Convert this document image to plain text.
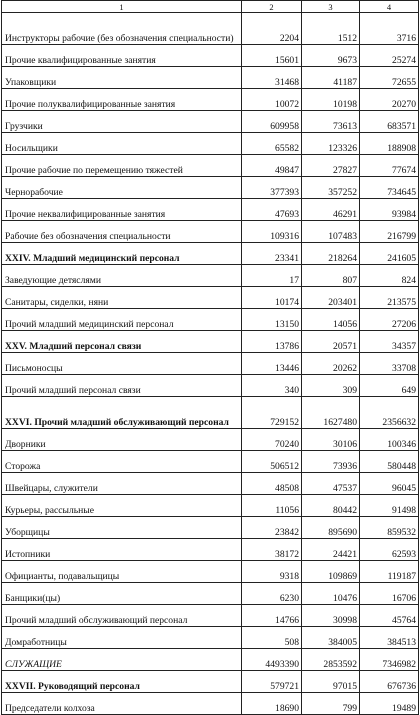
1	2	3	4
Инструкторы рабочие (без обозначения специальности)	2204	1512	3716
Прочие квалифицированные занятия	15601	9673	25274
Упаковщики	31468	41187	72655
Прочие полуквалифицированные занятия	10072	10198	20270
Грузчики	609958	73613	683571
Носильщики	65582	123326	188908
Прочие рабочие по перемещению тяжестей	49847	27827	77674
Чернорабочие	377393	357252	734645
Прочие неквалифицированные занятия	47693	46291	93984
Рабочие без обозначения специальности	109316	107483	216799
XXIV. Младший медицинский персонал	23341	218264	241605
Заведующие детяслями	17	807	824
Санитары, сиделки, няни	10174	203401	213575
Прочий младший медицинский персонал	13150	14056	27206
XXV. Младший персонал связи	13786	20571	34357
Письмоносцы	13446	20262	33708
Прочий младший персонал связи	340	309	649
XXVI. Прочий младший обслуживающий персонал	729152	1627480	2356632
Дворники	70240	30106	100346
Сторожа	506512	73936	580448
Швейцары, служители	48508	47537	96045
Курьеры, рассыльные	11056	80442	91498
Уборщицы	23842	895690	859532
Истопники	38172	24421	62593
Официанты, подавальщицы	9318	109869	119187
Банщики(цы)	6230	10476	16706
Прочий младший обслуживающий персонал	14766	30998	45764
Домработницы	508	384005	384513
СЛУЖАЩИЕ	4493390	2853592	7346982
XXVII. Руководящий персонал	579721	97015	676736
Председатели колхоза	18690	799	19489
